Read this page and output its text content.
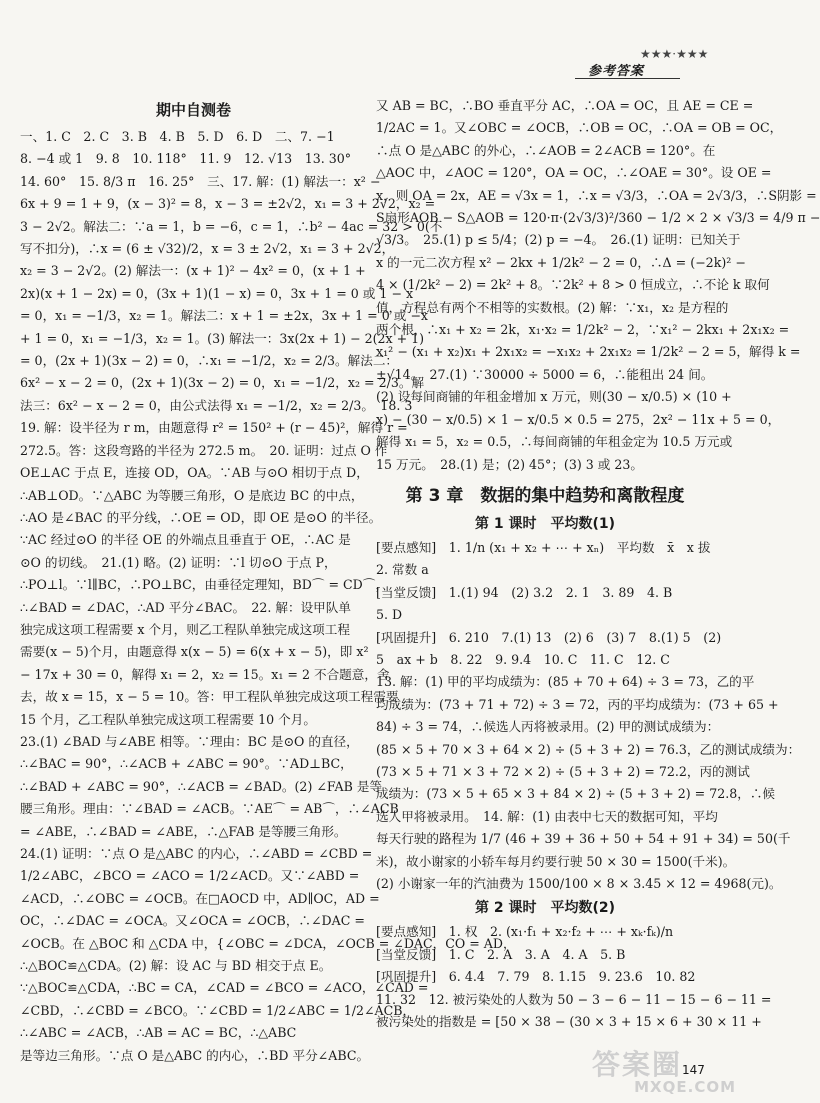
参考答案
★★★·★★★
期中自测卷
一、1. C　2. C　3. B　4. B　5. D　6. D　二、7. −1
8. −4 或 1　9. 8　10. 118°　11. 9　12. √13　13. 30°
14. 60°　15. 8/3 π　16. 25°　三、17. 解：(1) 解法一：x² −
6x + 9 = 1 + 9，(x − 3)² = 8，x − 3 = ±2√2，x₁ = 3 + 2√2，x₂ =
3 − 2√2。解法二：∵a = 1，b = −6，c = 1，∴b² − 4ac = 32 > 0(不
写不扣分)，∴x = (6 ± √32)/2，x = 3 ± 2√2，x₁ = 3 + 2√2，
x₂ = 3 − 2√2。(2) 解法一：(x + 1)² − 4x² = 0，(x + 1 +
2x)(x + 1 − 2x) = 0，(3x + 1)(1 − x) = 0，3x + 1 = 0 或 1 − x
= 0，x₁ = −1/3，x₂ = 1。解法二：x + 1 = ±2x，3x + 1 = 0 或 −x
+ 1 = 0，x₁ = −1/3，x₂ = 1。(3) 解法一：3x(2x + 1) − 2(2x + 1)
= 0，(2x + 1)(3x − 2) = 0，∴x₁ = −1/2，x₂ = 2/3。解法二：
6x² − x − 2 = 0，(2x + 1)(3x − 2) = 0，x₁ = −1/2，x₂ = 2/3。解
法三：6x² − x − 2 = 0，由公式法得 x₁ = −1/2，x₂ = 2/3。　18. 3
19. 解：设半径为 r m，由题意得 r² = 150² + (r − 45)²，解得 r =
272.5。答：这段弯路的半径为 272.5 m。　20. 证明：过点 O 作
OE⊥AC 于点 E，连接 OD，OA。∵AB 与⊙O 相切于点 D，
∴AB⊥OD。∵△ABC 为等腰三角形，O 是底边 BC 的中点，
∴AO 是∠BAC 的平分线，∴OE = OD，即 OE 是⊙O 的半径。
∵AC 经过⊙O 的半径 OE 的外端点且垂直于 OE，∴AC 是
⊙O 的切线。　21.(1) 略。(2) 证明：∵l 切⊙O 于点 P，
∴PO⊥l。∵l∥BC，∴PO⊥BC，由垂径定理知，BD⌒ = CD⌒，
∴∠BAD = ∠DAC，∴AD 平分∠BAC。　22. 解：设甲队单
独完成这项工程需要 x 个月，则乙工程队单独完成这项工程
需要(x − 5)个月，由题意得 x(x − 5) = 6(x + x − 5)，即 x²
− 17x + 30 = 0，解得 x₁ = 2，x₂ = 15。x₁ = 2 不合题意，舍
去，故 x = 15，x − 5 = 10。答：甲工程队单独完成这项工程需要
15 个月，乙工程队单独完成这项工程需要 10 个月。
23.(1) ∠BAD 与∠ABE 相等。∵理由：BC 是⊙O 的直径，
∴∠BAC = 90°，∴∠ACB + ∠ABC = 90°。∵AD⊥BC，
∴∠BAD + ∠ABC = 90°，∴∠ACB = ∠BAD。(2) ∠FAB 是等
腰三角形。理由：∵∠BAD = ∠ACB。∵AE⌒ = AB⌒，∴∠ACB
= ∠ABE，∴∠BAD = ∠ABE，∴△FAB 是等腰三角形。
24.(1) 证明：∵点 O 是△ABC 的内心，∴∠ABD = ∠CBD =
1/2∠ABC，∠BCO = ∠ACO = 1/2∠ACD。又∵∠ABD =
∠ACD，∴∠OBC = ∠OCB。在□AOCD 中，AD∥OC，AD =
OC，∴∠DAC = ∠OCA。又∠OCA = ∠OCB，∴∠DAC =
∠OCB。在 △BOC 和 △CDA 中，{∠OBC = ∠DCA，∠OCB = ∠DAC，CO = AD，
∴△BOC≌△CDA。(2) 解：设 AC 与 BD 相交于点 E。
∵△BOC≌△CDA，∴BC = CA，∠CAD = ∠BCO = ∠ACO，∠CAD =
∠CBD，∴∠CBD = ∠BCO。∵∠CBD = 1/2∠ABC = 1/2∠ACB，
∴∠ABC = ∠ACB，∴AB = AC = BC，∴△ABC
是等边三角形。∵点 O 是△ABC 的内心，∴BD 平分∠ABC。
又 AB = BC，∴BO 垂直平分 AC，∴OA = OC，且 AE = CE =
1/2AC = 1。又∠OBC = ∠OCB，∴OB = OC，∴OA = OB = OC，
∴点 O 是△ABC 的外心，∴∠AOB = 2∠ACB = 120°。在
△AOC 中，∠AOC = 120°，OA = OC，∴∠OAE = 30°。设 OE =
x，则 OA = 2x，AE = √3x = 1，∴x = √3/3，∴OA = 2√3/3，∴S阴影 =
S扇形AOB − S△AOB = 120·π·(2√3/3)²/360 − 1/2 × 2 × √3/3 = 4/9 π −
√3/3。　25.(1) p ≤ 5/4；(2) p = −4。　26.(1) 证明：已知关于
x 的一元二次方程 x² − 2kx + 1/2k² − 2 = 0，∴Δ = (−2k)² −
4 × (1/2k² − 2) = 2k² + 8。∵2k² + 8 > 0 恒成立，∴不论 k 取何
值，方程总有两个不相等的实数根。(2) 解：∵x₁，x₂ 是方程的
两个根，∴x₁ + x₂ = 2k，x₁·x₂ = 1/2k² − 2，∵x₁² − 2kx₁ + 2x₁x₂ =
x₁² − (x₁ + x₂)x₁ + 2x₁x₂ = −x₁x₂ + 2x₁x₂ = 1/2k² − 2 = 5，解得 k =
±√14。　27.(1) ∵30000 ÷ 5000 = 6，∴能租出 24 间。
(2) 设每间商铺的年租金增加 x 万元，则(30 − x/0.5) × (10 +
x) − (30 − x/0.5) × 1 − x/0.5 × 0.5 = 275，2x² − 11x + 5 = 0，
解得 x₁ = 5，x₂ = 0.5，∴每间商铺的年租金定为 10.5 万元或
15 万元。　28.(1) 是；(2) 45°；(3) 3 或 23。
第 3 章　数据的集中趋势和离散程度
第 1 课时　平均数(1)
[要点感知]　1. 1/n (x₁ + x₂ + ⋯ + xₙ)　平均数　x̄　x 拔
2. 常数 a
[当堂反馈]　1.(1) 94　(2) 3.2　2. 1　3. 89　4. B
5. D
[巩固提升]　6. 210　7.(1) 13　(2) 6　(3) 7　8.(1) 5　(2)
5　ax + b　8. 22　9. 9.4　10. C　11. C　12. C
13. 解：(1) 甲的平均成绩为：(85 + 70 + 64) ÷ 3 = 73，乙的平
均成绩为：(73 + 71 + 72) ÷ 3 = 72，丙的平均成绩为：(73 + 65 +
84) ÷ 3 = 74，∴候选人丙将被录用。(2) 甲的测试成绩为：
(85 × 5 + 70 × 3 + 64 × 2) ÷ (5 + 3 + 2) = 76.3，乙的测试成绩为：
(73 × 5 + 71 × 3 + 72 × 2) ÷ (5 + 3 + 2) = 72.2，丙的测试
成绩为：(73 × 5 + 65 × 3 + 84 × 2) ÷ (5 + 3 + 2) = 72.8，∴候
选人甲将被录用。　14. 解：(1) 由表中七天的数据可知，平均
每天行驶的路程为 1/7 (46 + 39 + 36 + 50 + 54 + 91 + 34) = 50(千
米)，故小谢家的小轿车每月约要行驶 50 × 30 = 1500(千米)。
(2) 小谢家一年的汽油费为 1500/100 × 8 × 3.45 × 12 = 4968(元)。
第 2 课时　平均数(2)
[要点感知]　1. 权　2. (x₁·f₁ + x₂·f₂ + ⋯ + xₖ·fₖ)/n
[当堂反馈]　1. C　2. A　3. A　4. A　5. B
[巩固提升]　6. 4.4　7. 79　8. 1.15　9. 23.6　10. 82
11. 32　12. 被污染处的人数为 50 − 3 − 6 − 11 − 15 − 6 − 11 =
被污染处的指数是 = [50 × 38 − (30 × 3 + 15 × 6 + 30 × 11 +
147
答案圈
MXQE.COM
